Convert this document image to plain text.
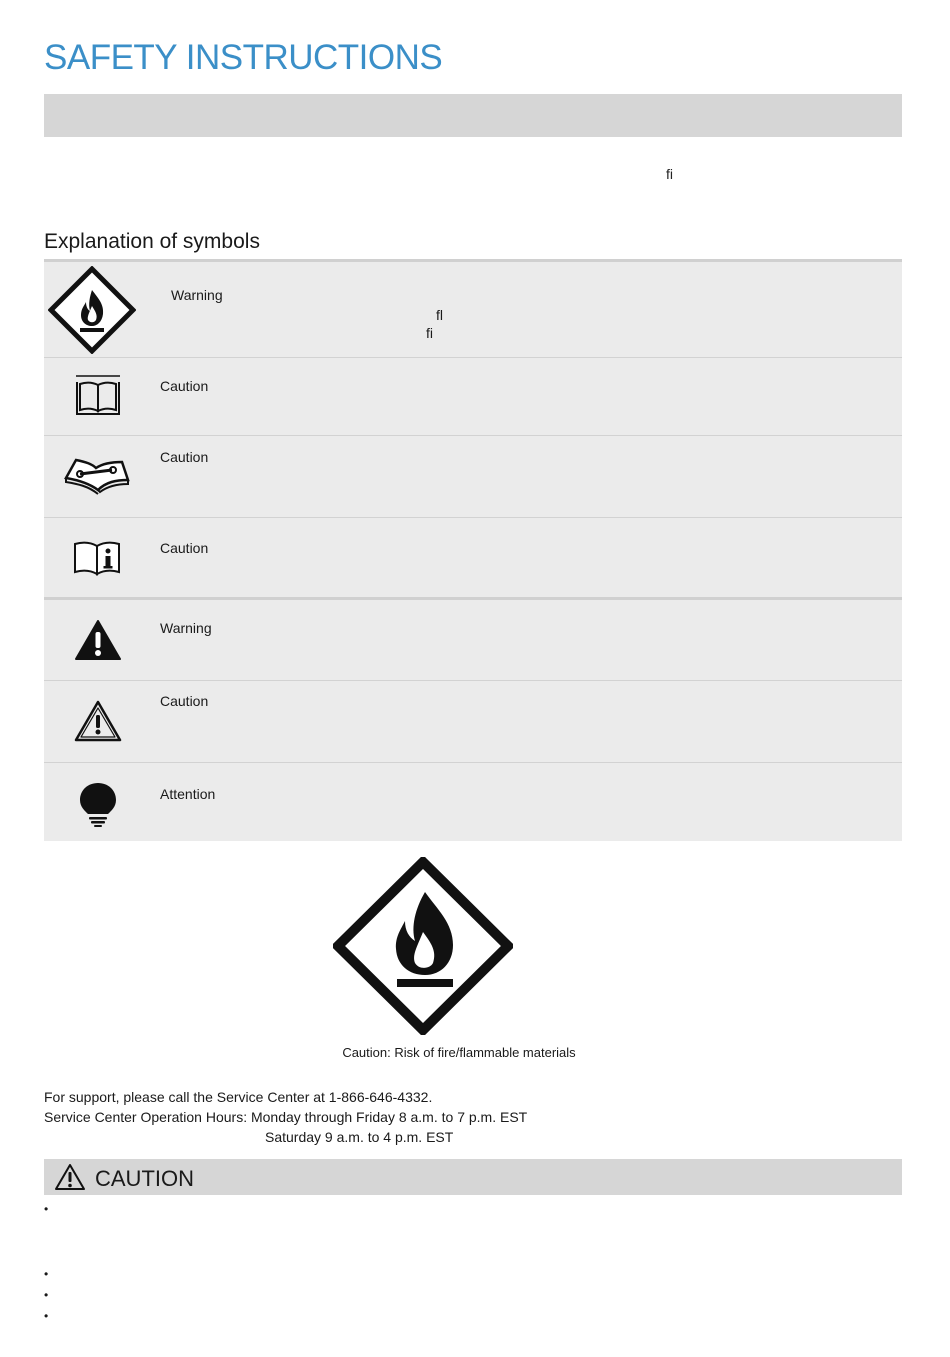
SAFETY INSTRUCTIONS
ﬁ
Explanation of symbols
Warning
ﬂ
ﬁ
Caution
Caution
Caution
Warning
Caution
Attention
Caution: Risk of fire/flammable materials
For support, please call the Service Center at 1-866-646-4332.
Service Center Operation Hours: Monday through Friday 8 a.m. to 7 p.m. EST
Saturday 9 a.m. to 4 p.m. EST
CAUTION
•
•
•
•
